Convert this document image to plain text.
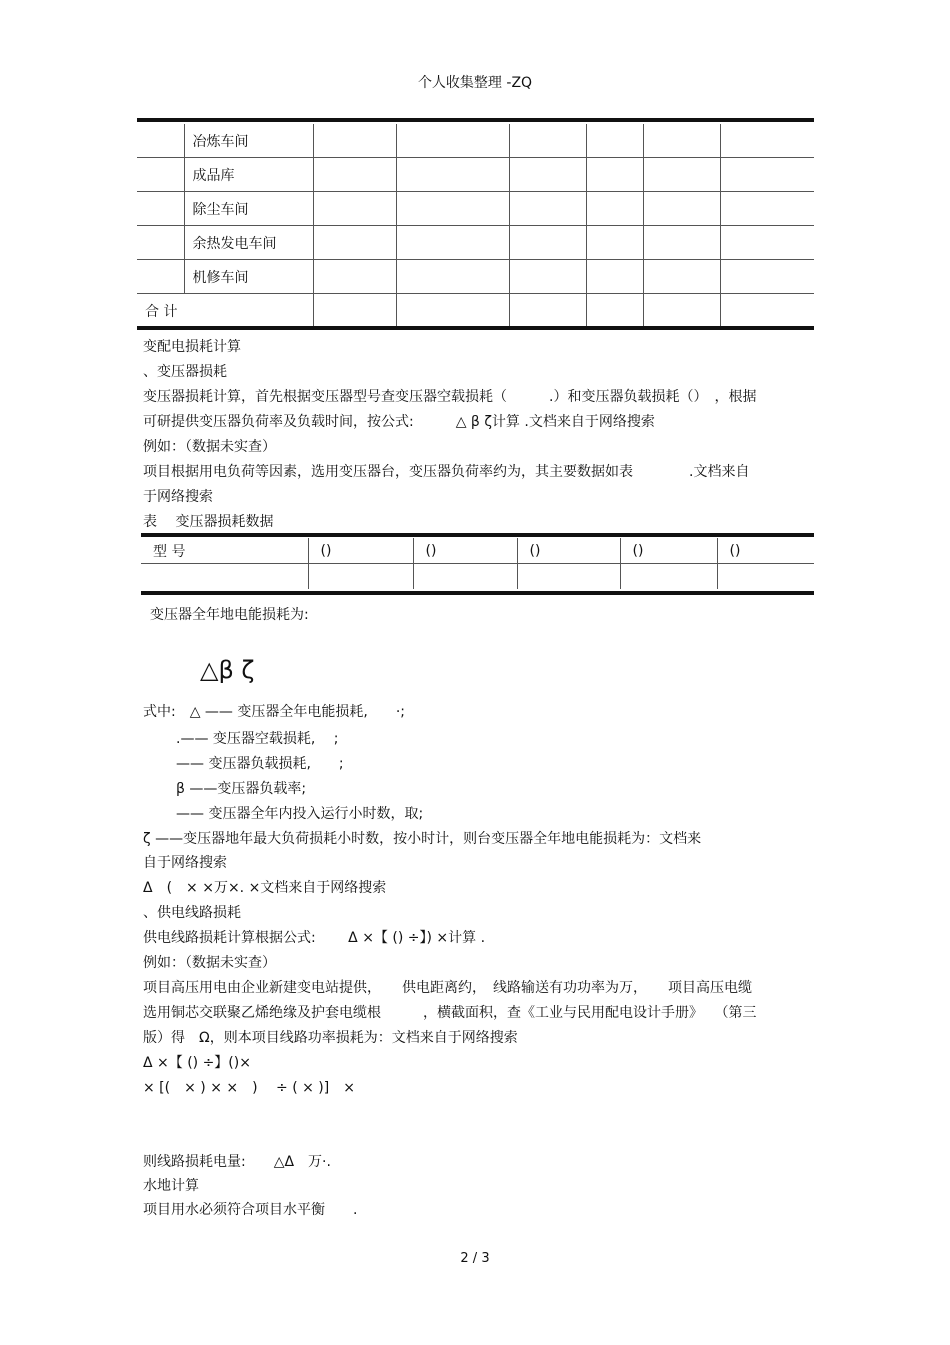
个人收集整理 -ZQ
	冶炼车间						
	成品库						
	除尘车间						
	余热发电车间						
	机修车间						
合 计							
变配电损耗计算
、变压器损耗
变压器损耗计算，首先根据变压器型号查变压器空载损耗（　　　.）和变压器负载损耗（）　，根据
可研提供变压器负荷率及负载时间，按公式:　　　△ β ζ计算 .文档来自于网络搜索
例如：（数据未实查）
项目根据用电负荷等因素，选用变压器台，变压器负荷率约为，其主要数据如表　　　　.文档来自
于网络搜索
表　 变压器损耗数据
型 号	()	()	()	()	()

变压器全年地电能损耗为:
△β ζ
式中:　△ —— 变压器全年电能损耗,　　·;
.—— 变压器空载损耗,　 ;
—— 变压器负载损耗,　　;
β ——变压器负载率;
—— 变压器全年内投入运行小时数，取;
ζ ——变压器地年最大负荷损耗小时数，按小时计，则台变压器全年地电能损耗为：文档来
自于网络搜索
Δ　(　× ×万×. ×文档来自于网络搜索
、供电线路损耗
供电线路损耗计算根据公式:　　 Δ ×【 () ÷】) ×计算 .
例如：（数据未实查）
项目高压用电由企业新建变电站提供，　　供电距离约，　线路输送有功功率为万，　　项目高压电缆
选用铜芯交联聚乙烯绝缘及护套电缆根　　　，横截面积，查《工业与民用配电设计手册》　 （第三
版）得　Ω，则本项目线路功率损耗为：文档来自于网络搜索
Δ ×【 () ÷】()×
× [(　× ) × ×　)　 ÷ ( × )]　×
则线路损耗电量:　　△Δ　万·.
水地计算
项目用水必须符合项目水平衡　　.
2 / 3
